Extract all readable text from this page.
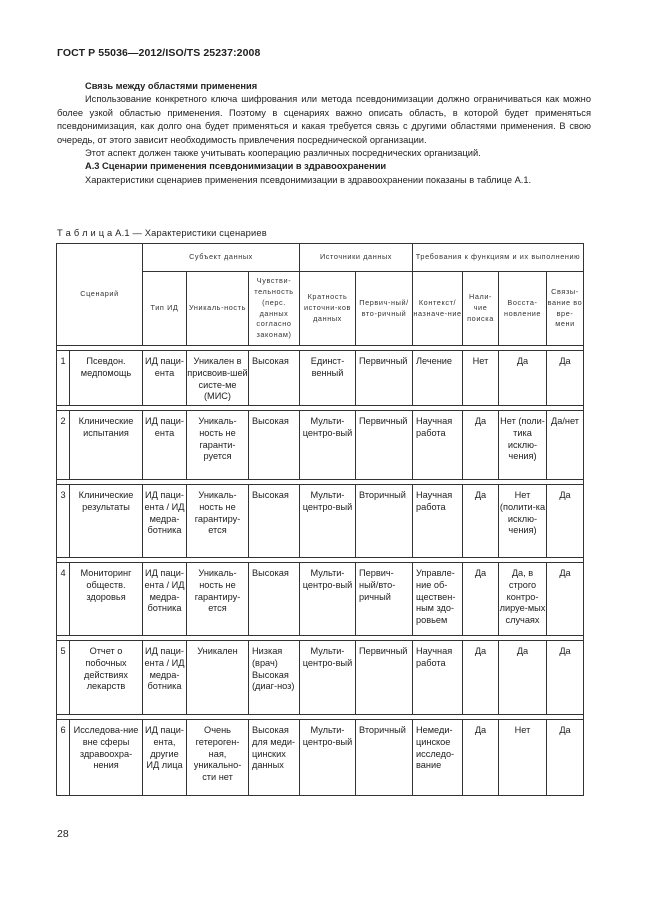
ГОСТ Р 55036—2012/ISO/TS 25237:2008

Связь между областями применения

Использование конкретного ключа шифрования или метода псевдонимизации должно ограничиваться как можно более узкой областью применения. Поэтому в сценариях важно описать область, в которой будет применяться псевдонимизация, как долго она будет применяться и какая требуется связь с другими областями применения. В свою очередь, от этого зависит необходимость привлечения посреднической организации.

Этот аспект должен также учитывать кооперацию различных посреднических организаций.

А.3 Сценарии применения псевдонимизации в здравоохранении

Характеристики сценариев применения псевдонимизации в здравоохранении показаны в таблице А.1.

Т а б л и ц а А.1 — Характеристики сценариев
Сценарий		Субъект данных			Источники данных		Требования к функциям и их выполнению			
		Тип ИД	Уникаль-ность	Чувстви-тельность (перс. данных согласно законам)	Кратность источни-ков данных	Первич-ный/вто-ричный	Контекст/ назначе-ние	Нали-чие поиска	Восста-новление	Связы-вание во вре-мени

1	Псевдон. медпомощь	ИД паци-ента	Уникален в присвоив-шей систе-ме (МИС)	Высокая	Единст-венный	Первичный	Лечение	Нет	Да	Да

2	Клинические испытания	ИД паци-ента	Уникаль-ность не гаранти-руется	Высокая	Мульти-центро-вый	Первичный	Научная работа	Да	Нет (поли-тика исклю-чения)	Да/нет

3	Клинические результаты	ИД паци-ента / ИД медра-ботника	Уникаль-ность не гарантиру-ется	Высокая	Мульти-центро-вый	Вторичный	Научная работа	Да	Нет (полити-ка исклю-чения)	Да

4	Мониторинг обществ. здоровья	ИД паци-ента / ИД медра-ботника	Уникаль-ность не гарантиру-ется	Высокая	Мульти-центро-вый	Первич-ный/вто-ричный	Управле-ние об-ществен-ным здо-ровьем	Да	Да, в строго контро-лируе-мых случаях	Да

5	Отчет о побочных действиях лекарств	ИД паци-ента / ИД медра-ботника	Уникален	Низкая (врач) Высокая (диаг-ноз)	Мульти-центро-вый	Первичный	Научная работа	Да	Да	Да

6	Исследова-ние вне сферы здравоохра-нения	ИД паци-ента, другие ИД лица	Очень гетероген-ная, уникально-сти нет	Высокая для меди-цинских данных	Мульти-центро-вый	Вторичный	Немеди-цинское исследо-вание	Да	Нет	Да
28
